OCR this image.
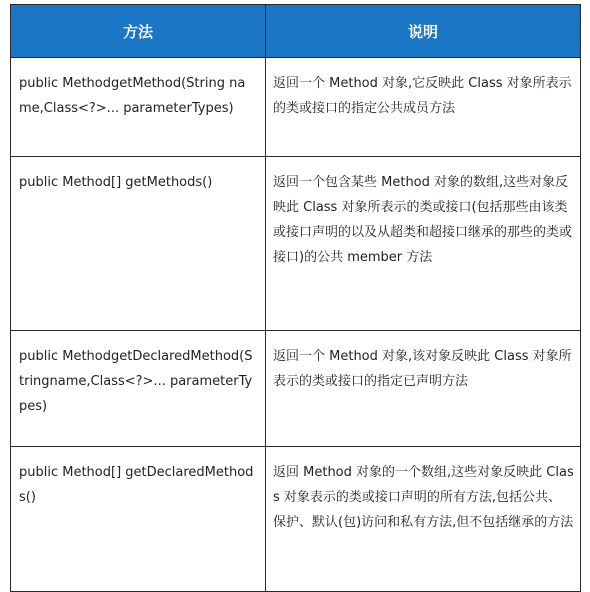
方法	说明
public MethodgetMethod(String name,Class<?>... parameterTypes)	返回一个 Method 对象,它反映此 Class 对象所表示的类或接口的指定公共成员方法
public Method[] getMethods()	返回一个包含某些 Method 对象的数组,这些对象反映此 Class 对象所表示的类或接口(包括那些由该类或接口声明的以及从超类和超接口继承的那些的类或接口)的公共 member 方法
public MethodgetDeclaredMethod(Stringname,Class<?>... parameterTypes)	返回一个 Method 对象,该对象反映此 Class 对象所表示的类或接口的指定已声明方法
public Method[] getDeclaredMethods()	返回 Method 对象的一个数组,这些对象反映此 Class 对象表示的类或接口声明的所有方法,包括公共、保护、默认(包)访问和私有方法,但不包括继承的方法
